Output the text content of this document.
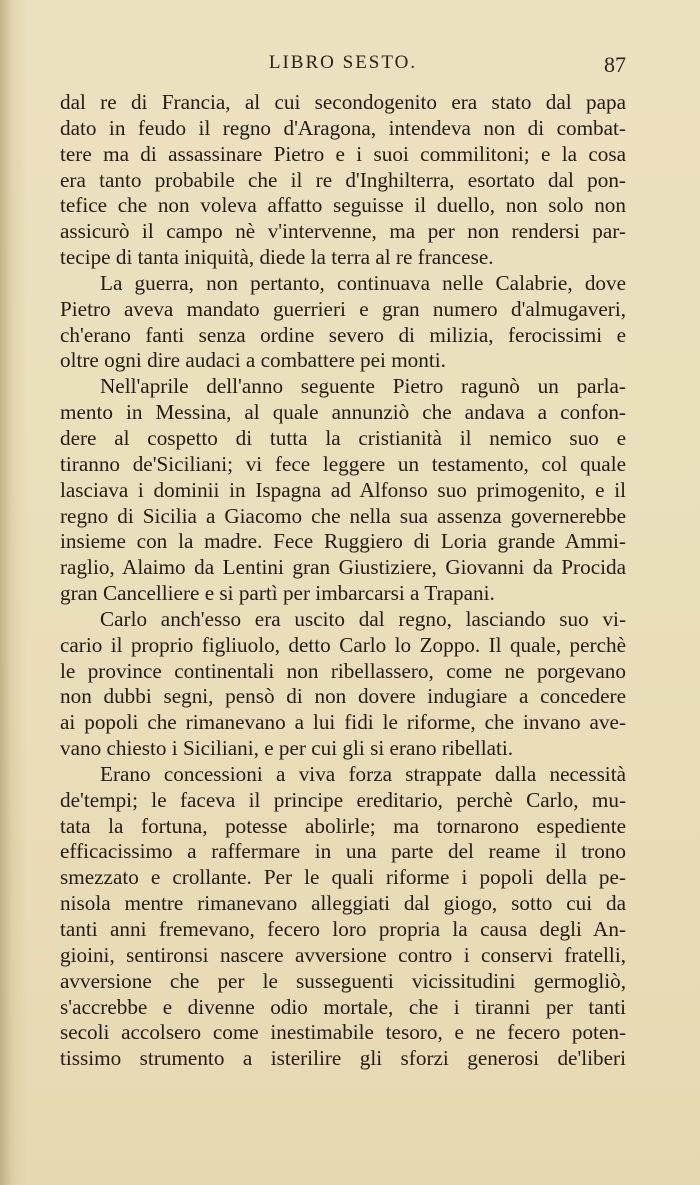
LIBRO SESTO.	87
dal re di Francia, al cui secondogenito era stato dal papa
dato in feudo il regno d'Aragona, intendeva non di combat-
tere ma di assassinare Pietro e i suoi commilitoni; e la cosa
era tanto probabile che il re d'Inghilterra, esortato dal pon-
tefice che non voleva affatto seguisse il duello, non solo non
assicurò il campo nè v'intervenne, ma per non rendersi par-
tecipe di tanta iniquità, diede la terra al re francese.
La guerra, non pertanto, continuava nelle Calabrie, dove
Pietro aveva mandato guerrieri e gran numero d'almugaveri,
ch'erano fanti senza ordine severo di milizia, ferocissimi e
oltre ogni dire audaci a combattere pei monti.
Nell'aprile dell'anno seguente Pietro ragunò un parla-
mento in Messina, al quale annunziò che andava a confon-
dere al cospetto di tutta la cristianità il nemico suo e
tiranno de'Siciliani; vi fece leggere un testamento, col quale
lasciava i dominii in Ispagna ad Alfonso suo primogenito, e il
regno di Sicilia a Giacomo che nella sua assenza governerebbe
insieme con la madre. Fece Ruggiero di Loria grande Ammi-
raglio, Alaimo da Lentini gran Giustiziere, Giovanni da Procida
gran Cancelliere e si partì per imbarcarsi a Trapani.
Carlo anch'esso era uscito dal regno, lasciando suo vi-
cario il proprio figliuolo, detto Carlo lo Zoppo. Il quale, perchè
le province continentali non ribellassero, come ne porgevano
non dubbi segni, pensò di non dovere indugiare a concedere
ai popoli che rimanevano a lui fidi le riforme, che invano ave-
vano chiesto i Siciliani, e per cui gli si erano ribellati.
Erano concessioni a viva forza strappate dalla necessità
de'tempi; le faceva il principe ereditario, perchè Carlo, mu-
tata la fortuna, potesse abolirle; ma tornarono espediente
efficacissimo a raffermare in una parte del reame il trono
smezzato e crollante. Per le quali riforme i popoli della pe-
nisola mentre rimanevano alleggiati dal giogo, sotto cui da
tanti anni fremevano, fecero loro propria la causa degli An-
gioini, sentironsi nascere avversione contro i conservi fratelli,
avversione che per le susseguenti vicissitudini germogliò,
s'accrebbe e divenne odio mortale, che i tiranni per tanti
secoli accolsero come inestimabile tesoro, e ne fecero poten-
tissimo strumento a isterilire gli sforzi generosi de'liberi
